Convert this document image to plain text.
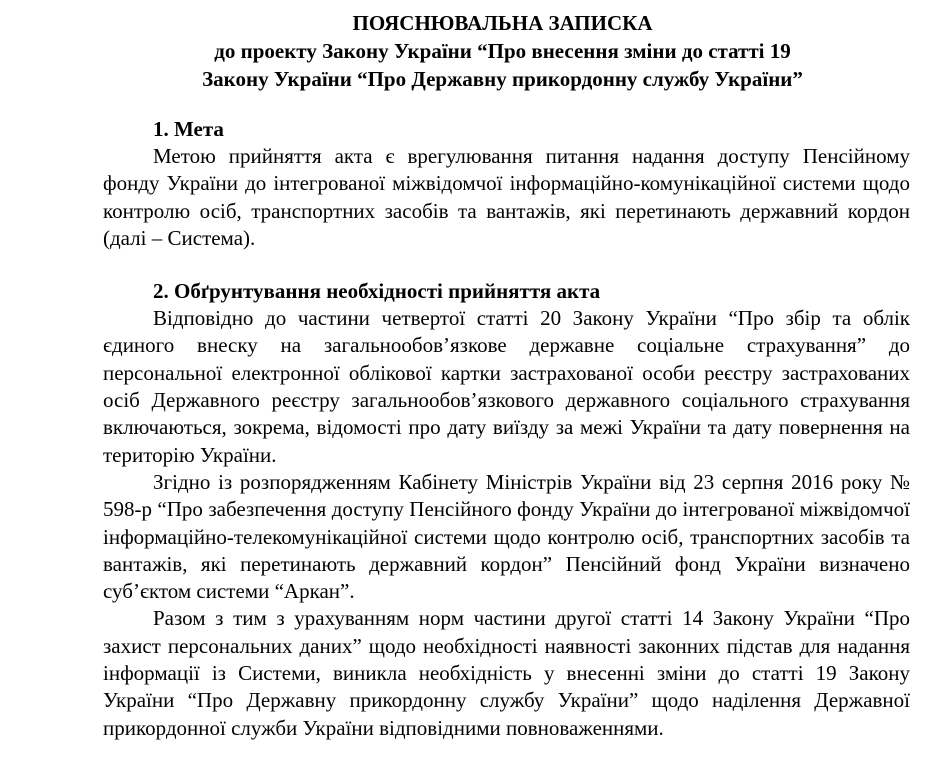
ПОЯСНЮВАЛЬНА ЗАПИСКА
до проекту Закону України “Про внесення зміни до статті 19
Закону України “Про Державну прикордонну службу України”
1. Мета

Метою прийняття акта є врегулювання питання надання доступу Пенсійному фонду України до інтегрованої міжвідомчої інформаційно-комунікаційної системи щодо контролю осіб, транспортних засобів та вантажів, які перетинають державний кордон (далі – Система).

2. Обґрунтування необхідності прийняття акта

Відповідно до частини четвертої статті 20 Закону України “Про збір та облік єдиного внеску на загальнообов’язкове державне соціальне страхування” до персональної електронної облікової картки застрахованої особи реєстру застрахованих осіб Державного реєстру загальнообов’язкового державного соціального страхування включаються, зокрема, відомості про дату виїзду за межі України та дату повернення на територію України.

Згідно із розпорядженням Кабінету Міністрів України від 23 серпня 2016 року № 598-р “Про забезпечення доступу Пенсійного фонду України до інтегрованої міжвідомчої інформаційно-телекомунікаційної системи щодо контролю осіб, транспортних засобів та вантажів, які перетинають державний кордон” Пенсійний фонд України визначено суб’єктом системи “Аркан”.

Разом з тим з урахуванням норм частини другої статті 14 Закону України “Про захист персональних даних” щодо необхідності наявності законних підстав для надання інформації із Системи, виникла необхідність у внесенні зміни до статті 19 Закону України “Про Державну прикордонну службу України” щодо наділення Державної прикордонної служби України відповідними повноваженнями.
